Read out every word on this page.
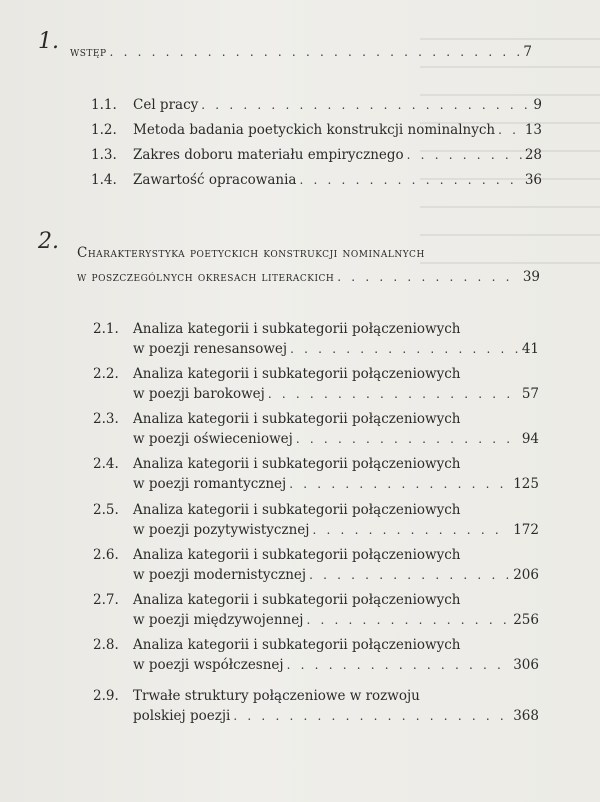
1. wstęp . . .	7
1.1. Cel pracy . . .	9
1.2. Metoda badania poetyckich konstrukcji nominalnych . . . 13
1.3. Zakres doboru materiału empirycznego . . .	28
1.4. Zawartość opracowania . . .	36
2. Charakterystyka poetyckich konstrukcji nominalnych
w poszczególnych okresach literackich . . .	39
2.1. Analiza kategorii i subkategorii połączeniowych
w poezji renesansowej . . .	41
2.2. Analiza kategorii i subkategorii połączeniowych
w poezji barokowej . . .	57
2.3. Analiza kategorii i subkategorii połączeniowych
w poezji oświeceniowej . . .	94
2.4. Analiza kategorii i subkategorii połączeniowych
w poezji romantycznej . . .	125
2.5. Analiza kategorii i subkategorii połączeniowych
w poezji pozytywistycznej . . .	172
2.6. Analiza kategorii i subkategorii połączeniowych
w poezji modernistycznej . . .	206
2.7. Analiza kategorii i subkategorii połączeniowych
w poezji międzywojennej . . .	256
2.8. Analiza kategorii i subkategorii połączeniowych
w poezji współczesnej . . .	306
2.9. Trwałe struktury połączeniowe w rozwoju
polskiej poezji . . .	368
